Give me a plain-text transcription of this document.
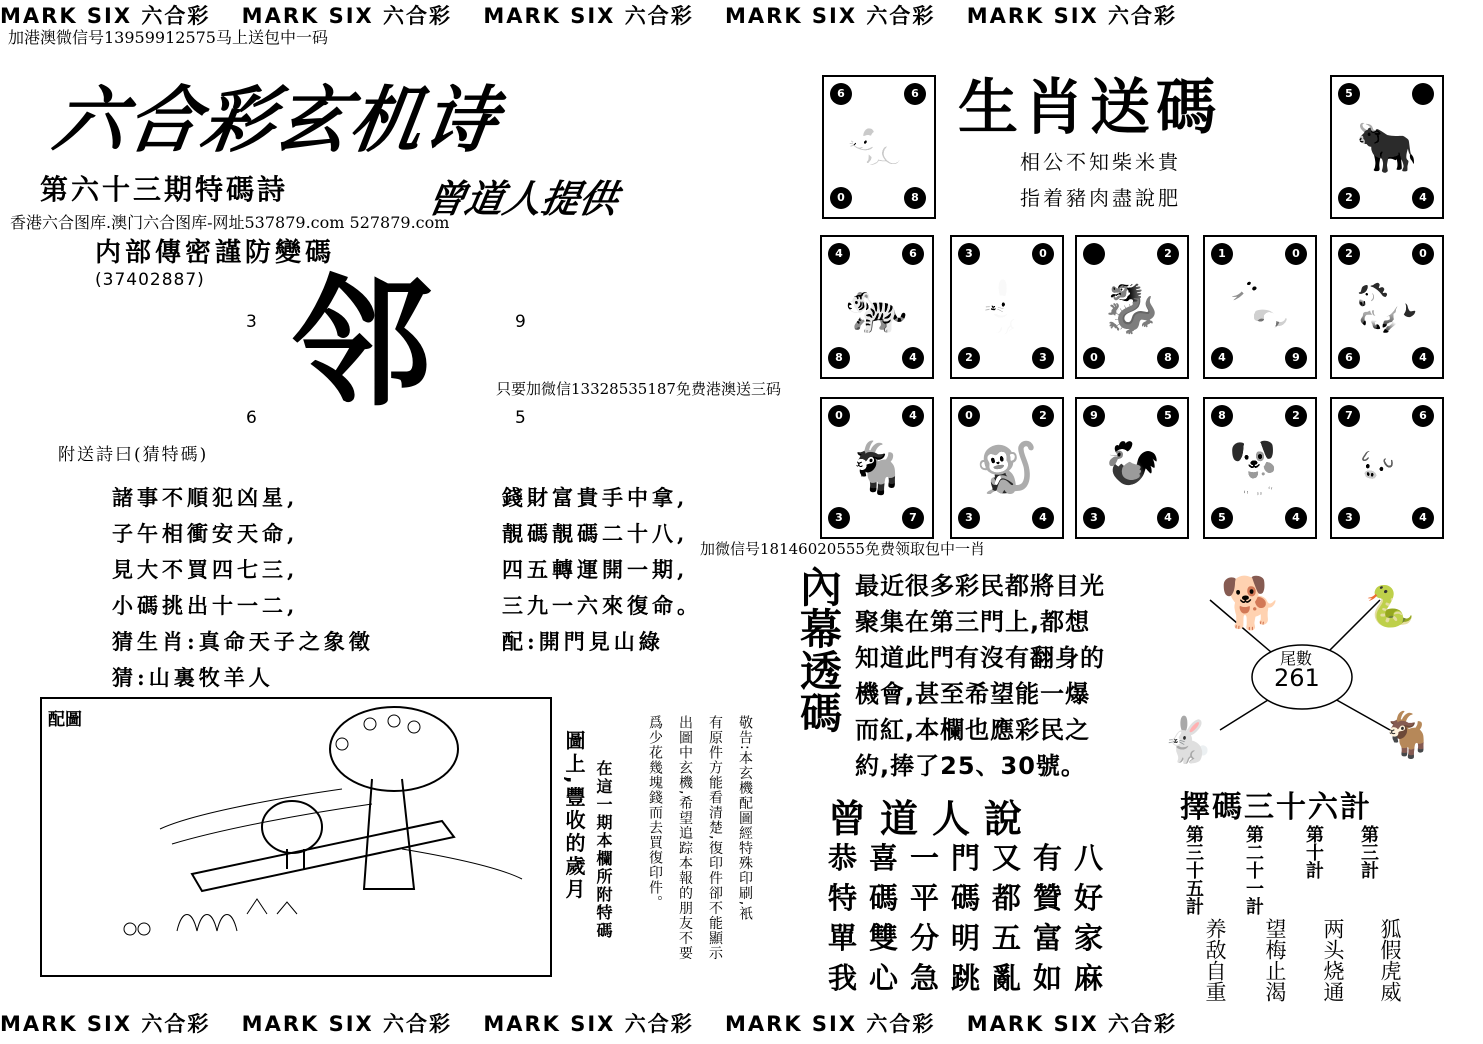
MARK SIX 六合彩 MARK SIX 六合彩 MARK SIX 六合彩 MARK SIX 六合彩 MARK SIX 六合彩
加港澳微信号13959912575马上送包中一码
六合彩玄机诗
第六十三期特碼詩	曾道人提供
香港六合图库.澳门六合图库-网址537879.com 527879.com
内部傳密謹防變碼
(37402887)
3	9
6	5
邻	只要加微信13328535187免费港澳送三码
附送詩曰(猜特碼)
諸事不順犯凶星,
子午相衝安天命,
見大不買四七三,
小碼挑出十一二,
猜生肖:真命天子之象徵
猜:山裏牧羊人
錢財富貴手中拿,
靚碼靚碼二十八,
四五轉運開一期,
三九一六來復命。
配:開門見山綠
配圖
在這一期本欄所附特碼
圖上,豐收的歲月	敬告:本玄機配圖經特殊印刷,衹
有原件方能看清楚,復印件卻不能顯示
出圖中玄機,希望追踪本報的朋友不要
爲少花幾塊錢而去買復印件。
生肖送碼
相公不知柴米貴
指着豬肉盡說肥
6	6
0	8
🐀
5
2	4
🐂
4	6
8	4
🐅
3	0
2	3
🐇
2
0	8
🐉
1	0
4	9
🐍
2	0
6	4
🐎
0	4
3	7
🐐
0	2
3	4
🐒
9	5
3	4
🐓
8	2
5	4
🐕
7	6
3	4
🐖
加微信号18146020555免费领取包中一肖
內幕透碼 最近很多彩民都將目光
聚集在第三門上,都想
知道此門有沒有翻身的
機會,甚至希望能一爆
而紅,本欄也應彩民之
約,捧了25、30號。
🐕 🐍
🐇	🐐
尾數
261
曾道人說
恭喜一門又有八
特碼平碼都贊好
單雙分明五富家
我心急跳亂如麻
擇碼三十六計
第三計
狐假虎威
第十計
两头烧通
第二十一計
望梅止渴
第三十五計
养敌自重
MARK SIX 六合彩 MARK SIX 六合彩 MARK SIX 六合彩 MARK SIX 六合彩 MARK SIX 六合彩
